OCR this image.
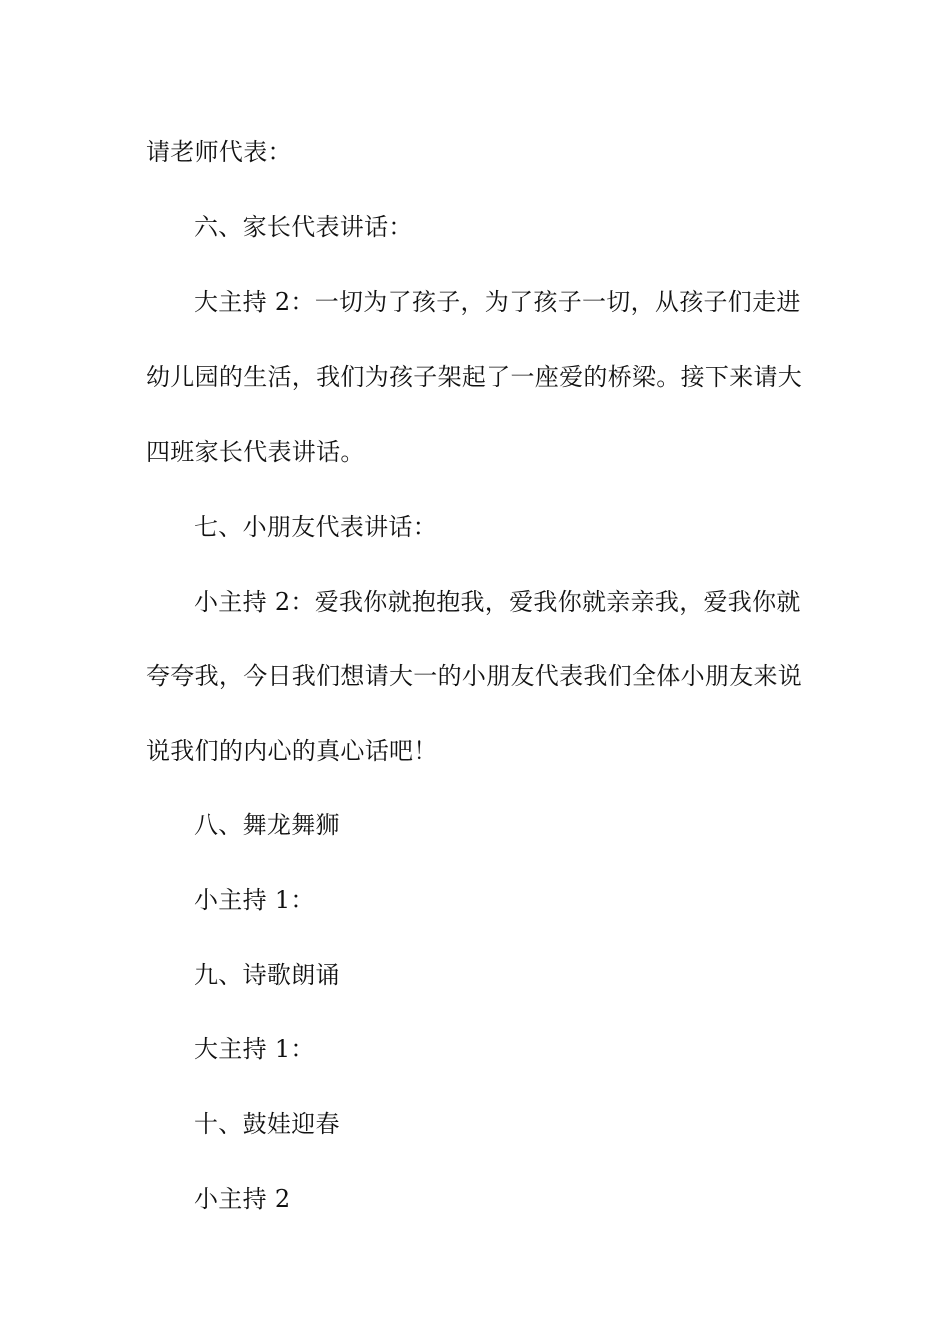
请老师代表：
六、家长代表讲话：
大主持 2：一切为了孩子，为了孩子一切，从孩子们走进
幼儿园的生活，我们为孩子架起了一座爱的桥梁。接下来请大
四班家长代表讲话。
七、小朋友代表讲话：
小主持 2：爱我你就抱抱我，爱我你就亲亲我，爱我你就
夸夸我，今日我们想请大一的小朋友代表我们全体小朋友来说
说我们的内心的真心话吧！
八、舞龙舞狮
小主持 1：
九、诗歌朗诵
大主持 1：
十、鼓娃迎春
小主持 2
